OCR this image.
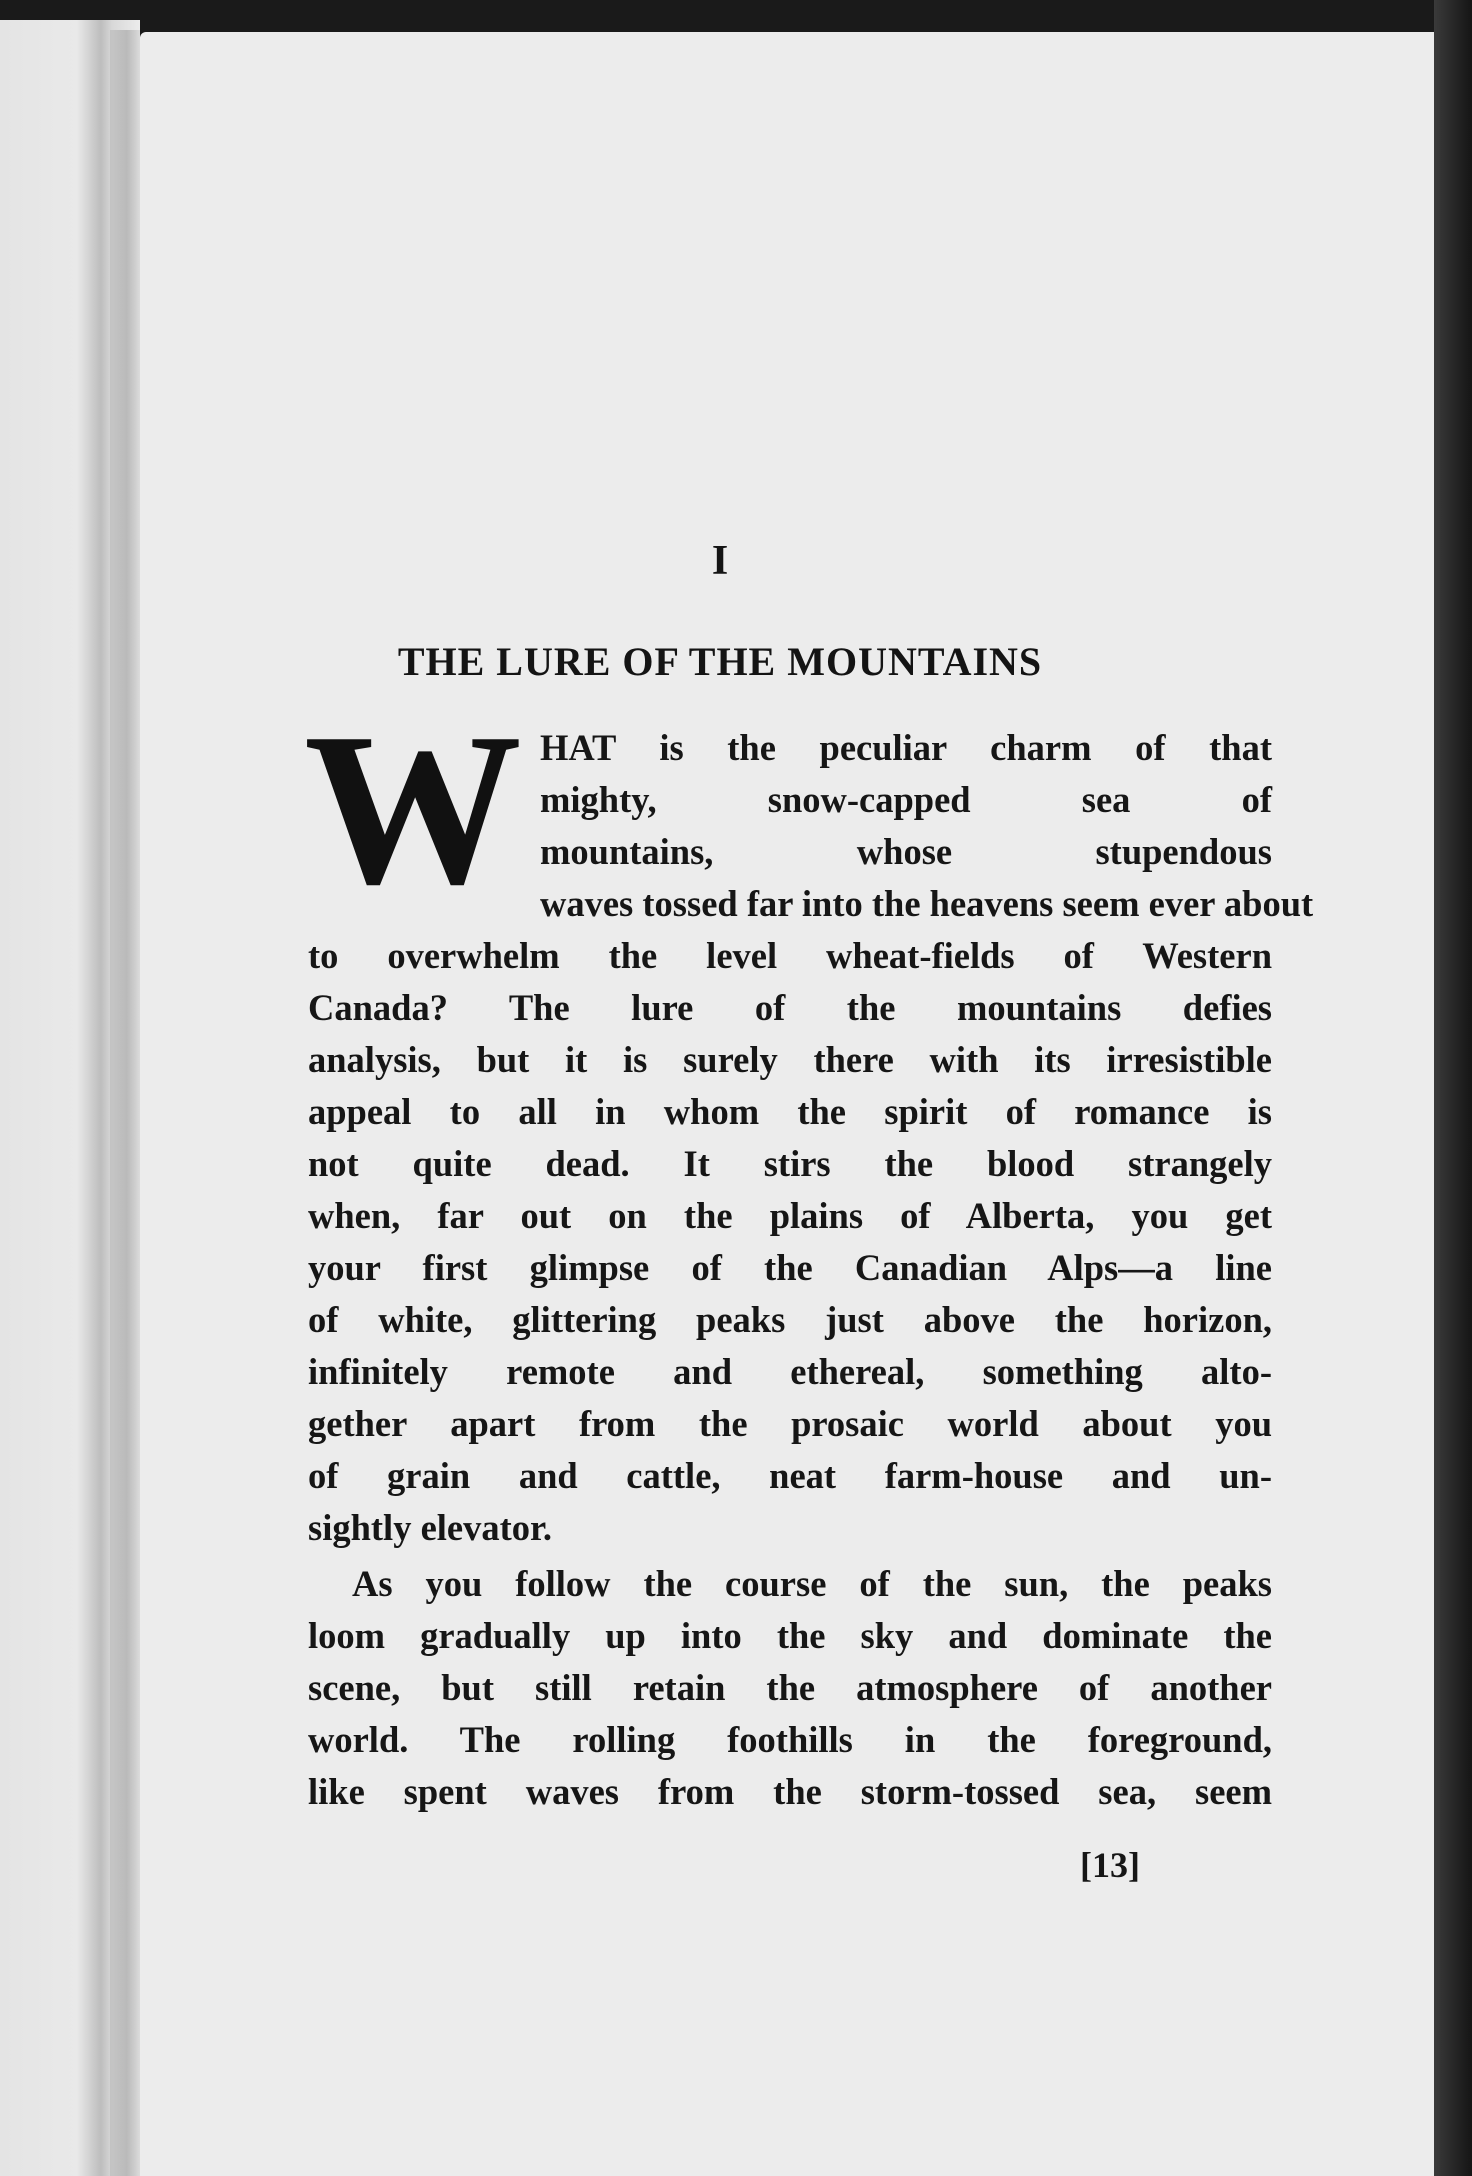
I
THE LURE OF THE MOUNTAINS
W HAT is the peculiar charm of that
mighty, snow-capped sea of
mountains, whose stupendous
waves tossed far into the heavens seem ever about
to overwhelm the level wheat-fields of Western
Canada? The lure of the mountains defies
analysis, but it is surely there with its irresistible
appeal to all in whom the spirit of romance is
not quite dead. It stirs the blood strangely
when, far out on the plains of Alberta, you get
your first glimpse of the Canadian Alps—a line
of white, glittering peaks just above the horizon,
infinitely remote and ethereal, something alto-
gether apart from the prosaic world about you
of grain and cattle, neat farm-house and un-
sightly elevator.
As you follow the course of the sun, the peaks
loom gradually up into the sky and dominate the
scene, but still retain the atmosphere of another
world. The rolling foothills in the foreground,
like spent waves from the storm-tossed sea, seem

[13]
